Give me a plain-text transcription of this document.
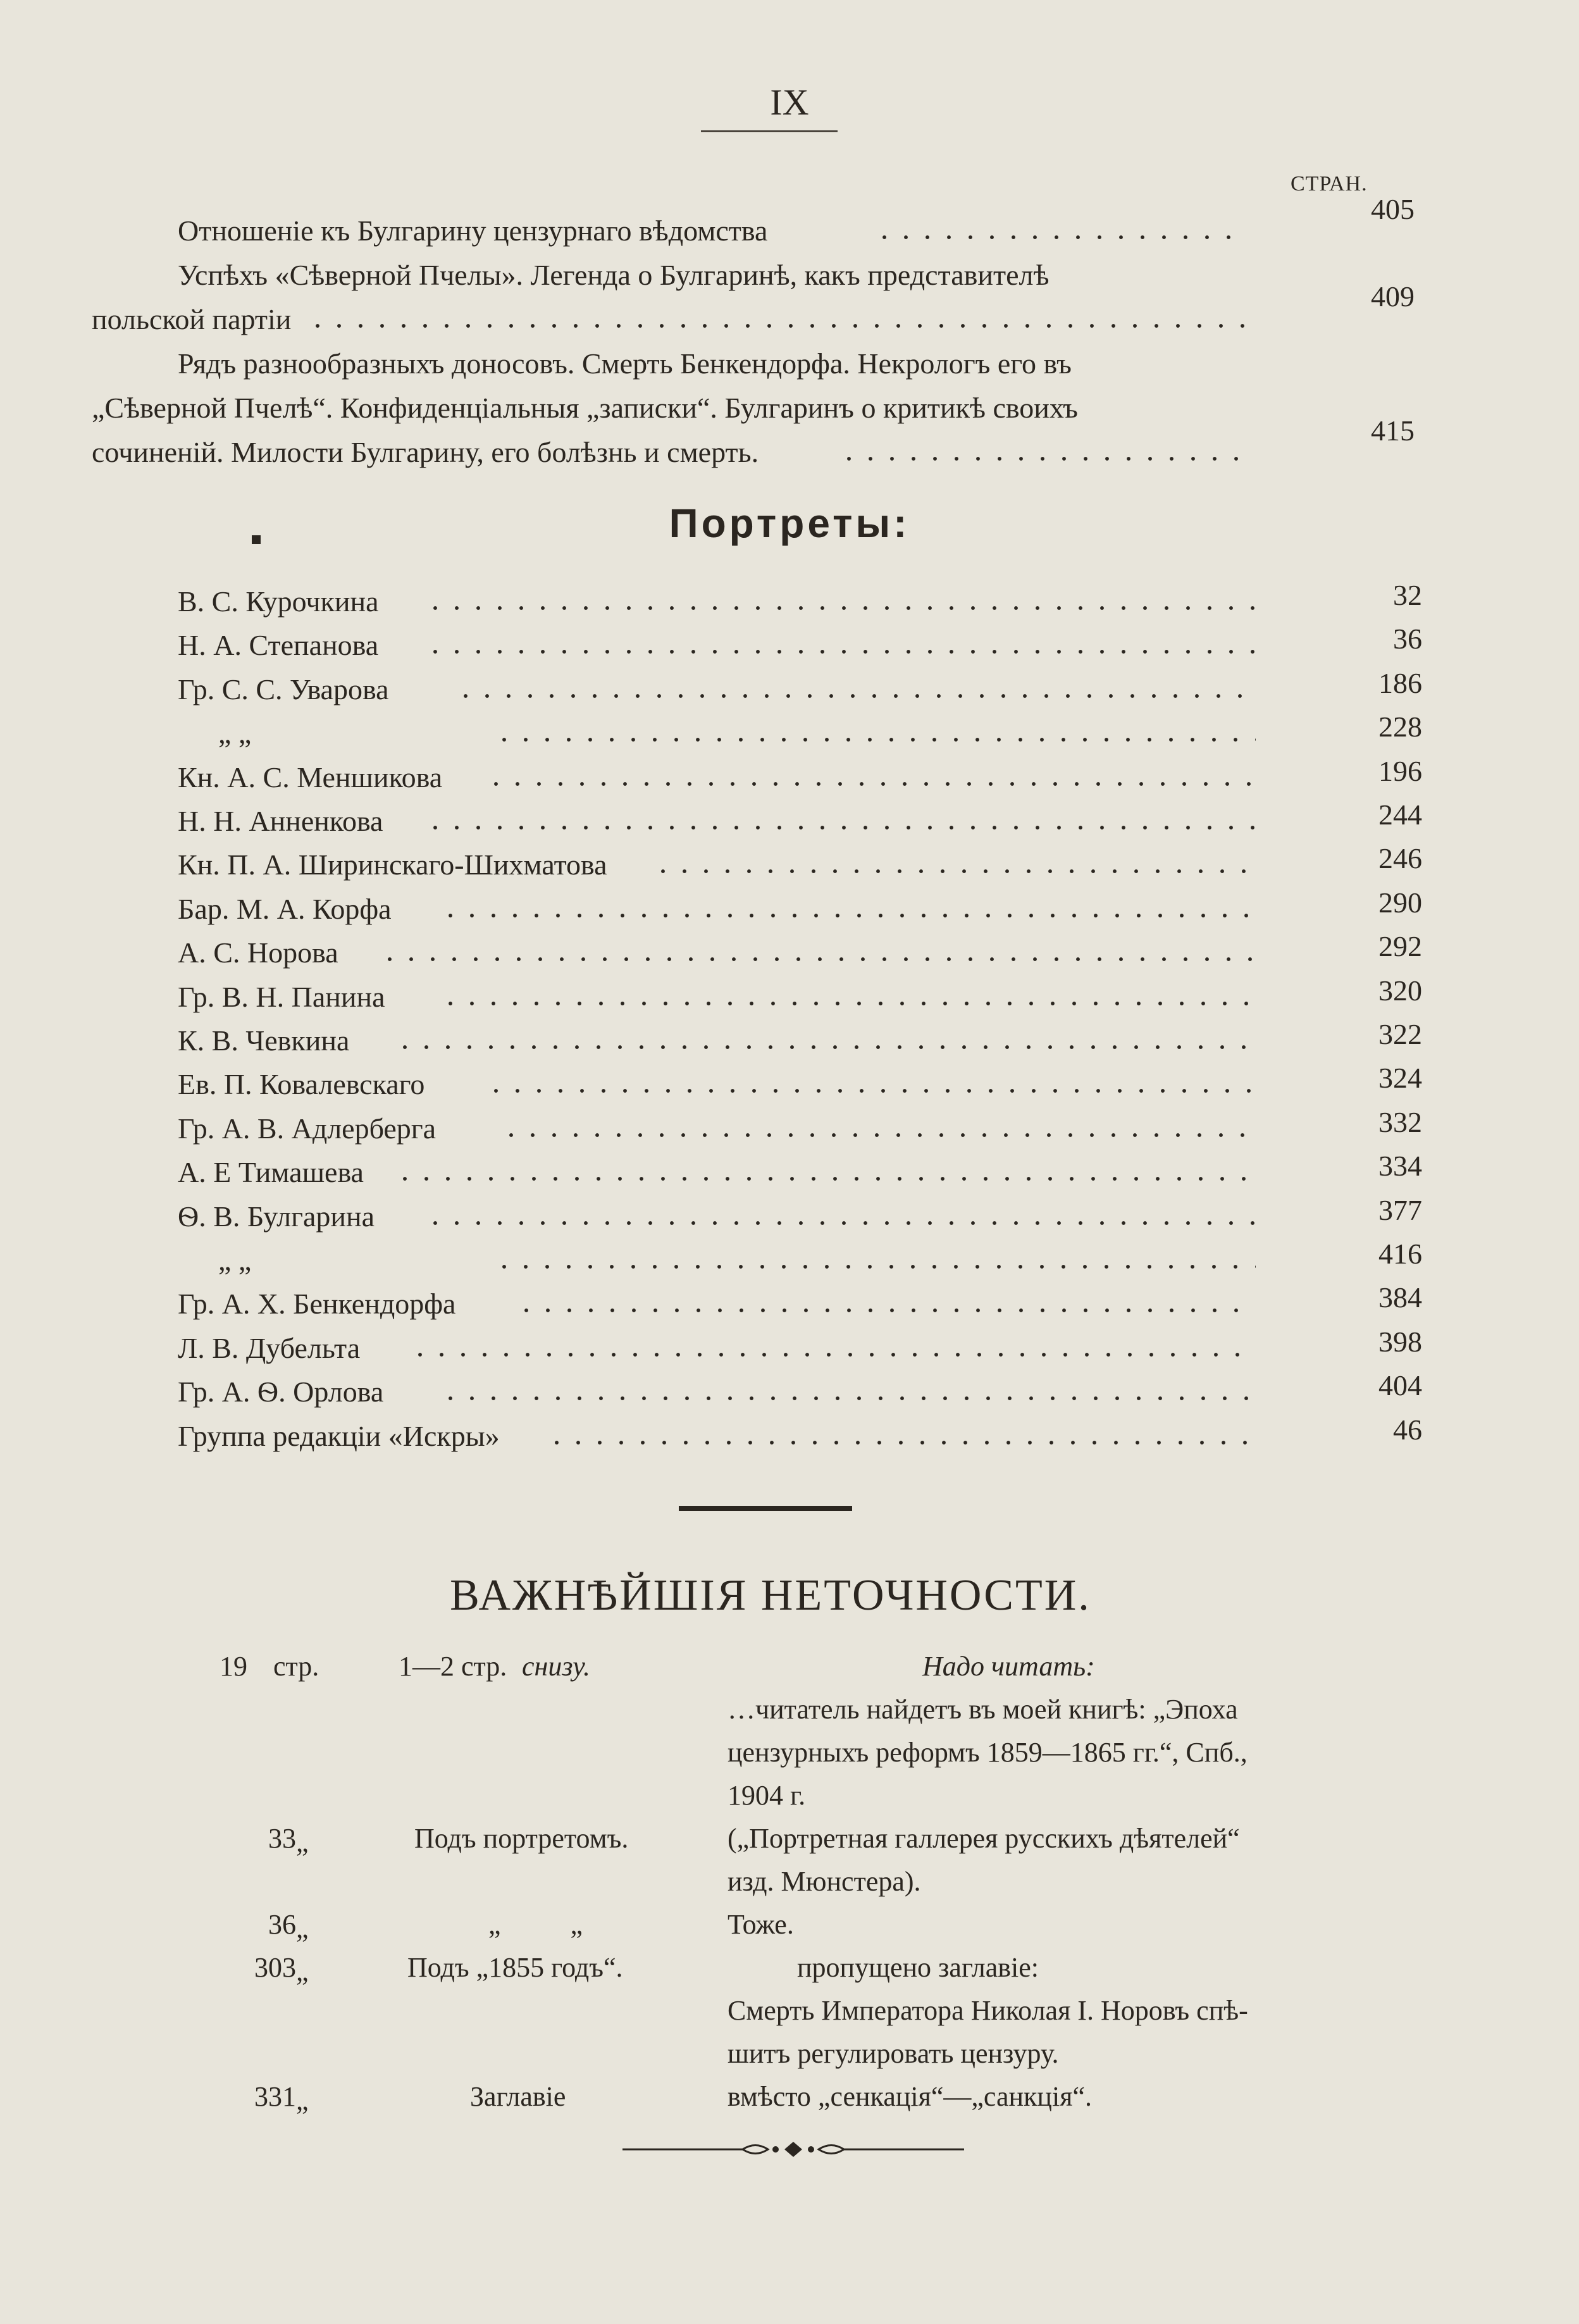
IX
СТРАН.
Отношеніе къ Булгарину цензурнаго вѣдомства
405
Успѣхъ «Сѣверной Пчелы». Легенда о Булгаринѣ, какъ представителѣ
польской партіи
409
Рядъ разнообразныхъ доносовъ. Смерть Бенкендорфа. Некрологъ его въ
„Сѣверной Пчелѣ“. Конфиденціальныя „записки“. Булгаринъ о критикѣ своихъ
сочиненій. Милости Булгарину, его болѣзнь и смерть.
415
Портреты:
В. С. Курочкина	32
Н. А. Степанова	36
Гр. С. С. Уварова	186
„ „	228
Кн. А. С. Меншикова	196
Н. Н. Анненкова	244
Кн. П. А. Ширинскаго-Шихматова	246
Бар. М. А. Корфа	290
А. С. Норова	292
Гр. В. Н. Панина	320
К. В. Чевкина	322
Ев. П. Ковалевскаго	324
Гр. А. В. Адлерберга	332
А. Е Тимашева	334
Ѳ. В. Булгарина	377
„ „	416
Гр. А. Х. Бенкендорфа	384
Л. В. Дубельта	398
Гр. А. Ѳ. Орлова	404
Группа редакціи «Искры»	46
ВАЖНѢЙШІЯ НЕТОЧНОСТИ.
19 стр.	1—2 стр. снизу.	Надо читать:
…читатель найдетъ въ моей книгѣ: „Эпоха
цензурныхъ реформъ 1859—1865 гг.“, Спб.,
1904 г.
33 „	Подъ портретомъ.	(„Портретная галлерея русскихъ дѣятелей“
изд. Мюнстера).
36 „	„          „	Тоже.
303 „	Подъ „1855 годъ“.	пропущено заглавіе:
Смерть Императора Николая I. Норовъ спѣ-
шитъ регулировать цензуру.
331 „	Заглавіе	вмѣсто „сенкація“—„санкція“.
